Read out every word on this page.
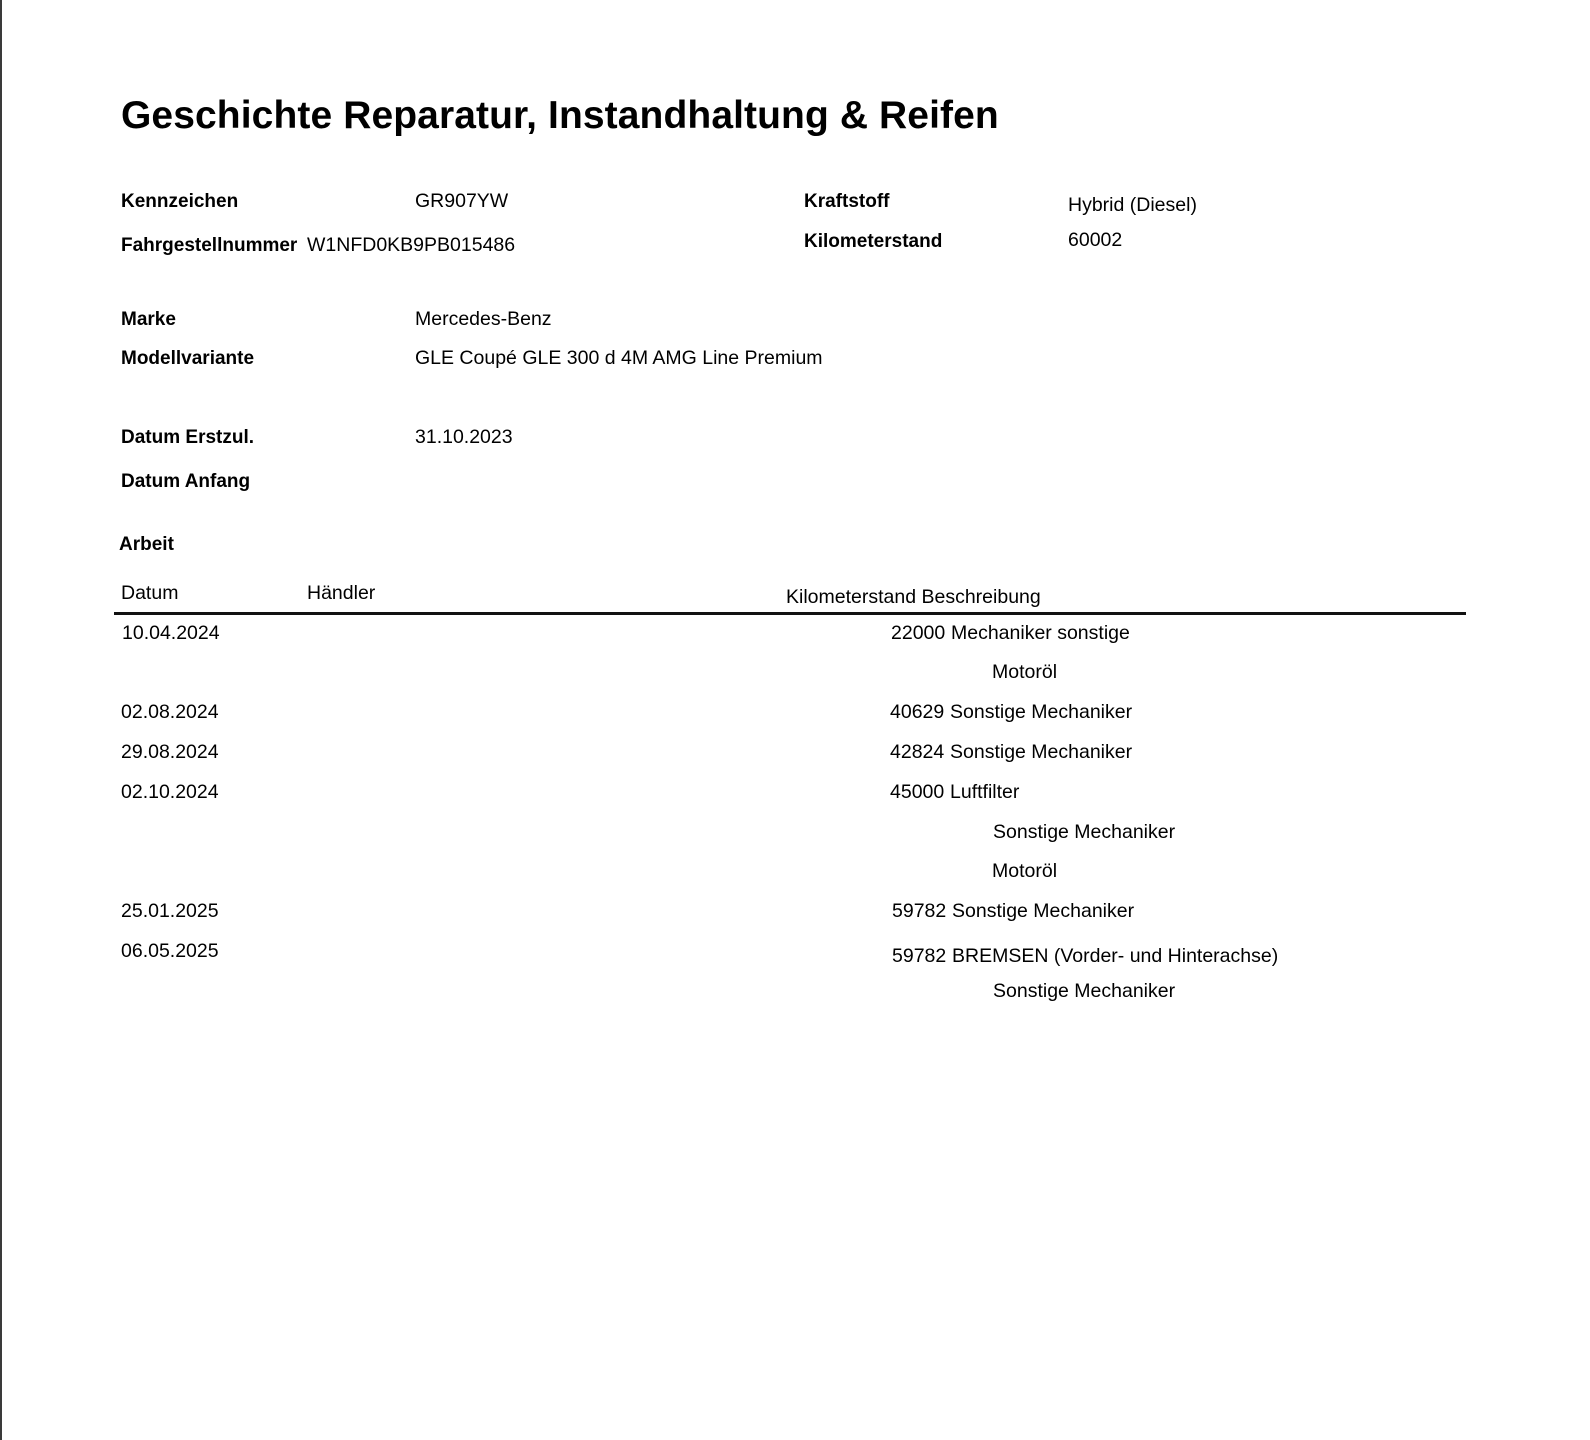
Geschichte Reparatur, Instandhaltung & Reifen
Kennzeichen	GR907YW	Kraftstoff	Hybrid (Diesel)
Fahrgestellnummer W1NFD0KB9PB015486	Kilometerstand	60002
Marke	Mercedes-Benz
Modellvariante	GLE Coupé GLE 300 d 4M AMG Line Premium
Datum Erstzul.	31.10.2023
Datum Anfang
Arbeit
Datum	Händler	Kilometerstand Beschreibung
10.04.2024	22000 Mechaniker sonstige
Motoröl
02.08.2024	40629 Sonstige Mechaniker
29.08.2024	42824 Sonstige Mechaniker
02.10.2024	45000 Luftfilter
Sonstige Mechaniker
Motoröl
25.01.2025	59782 Sonstige Mechaniker
06.05.2025	59782 BREMSEN (Vorder- und Hinterachse)
Sonstige Mechaniker
